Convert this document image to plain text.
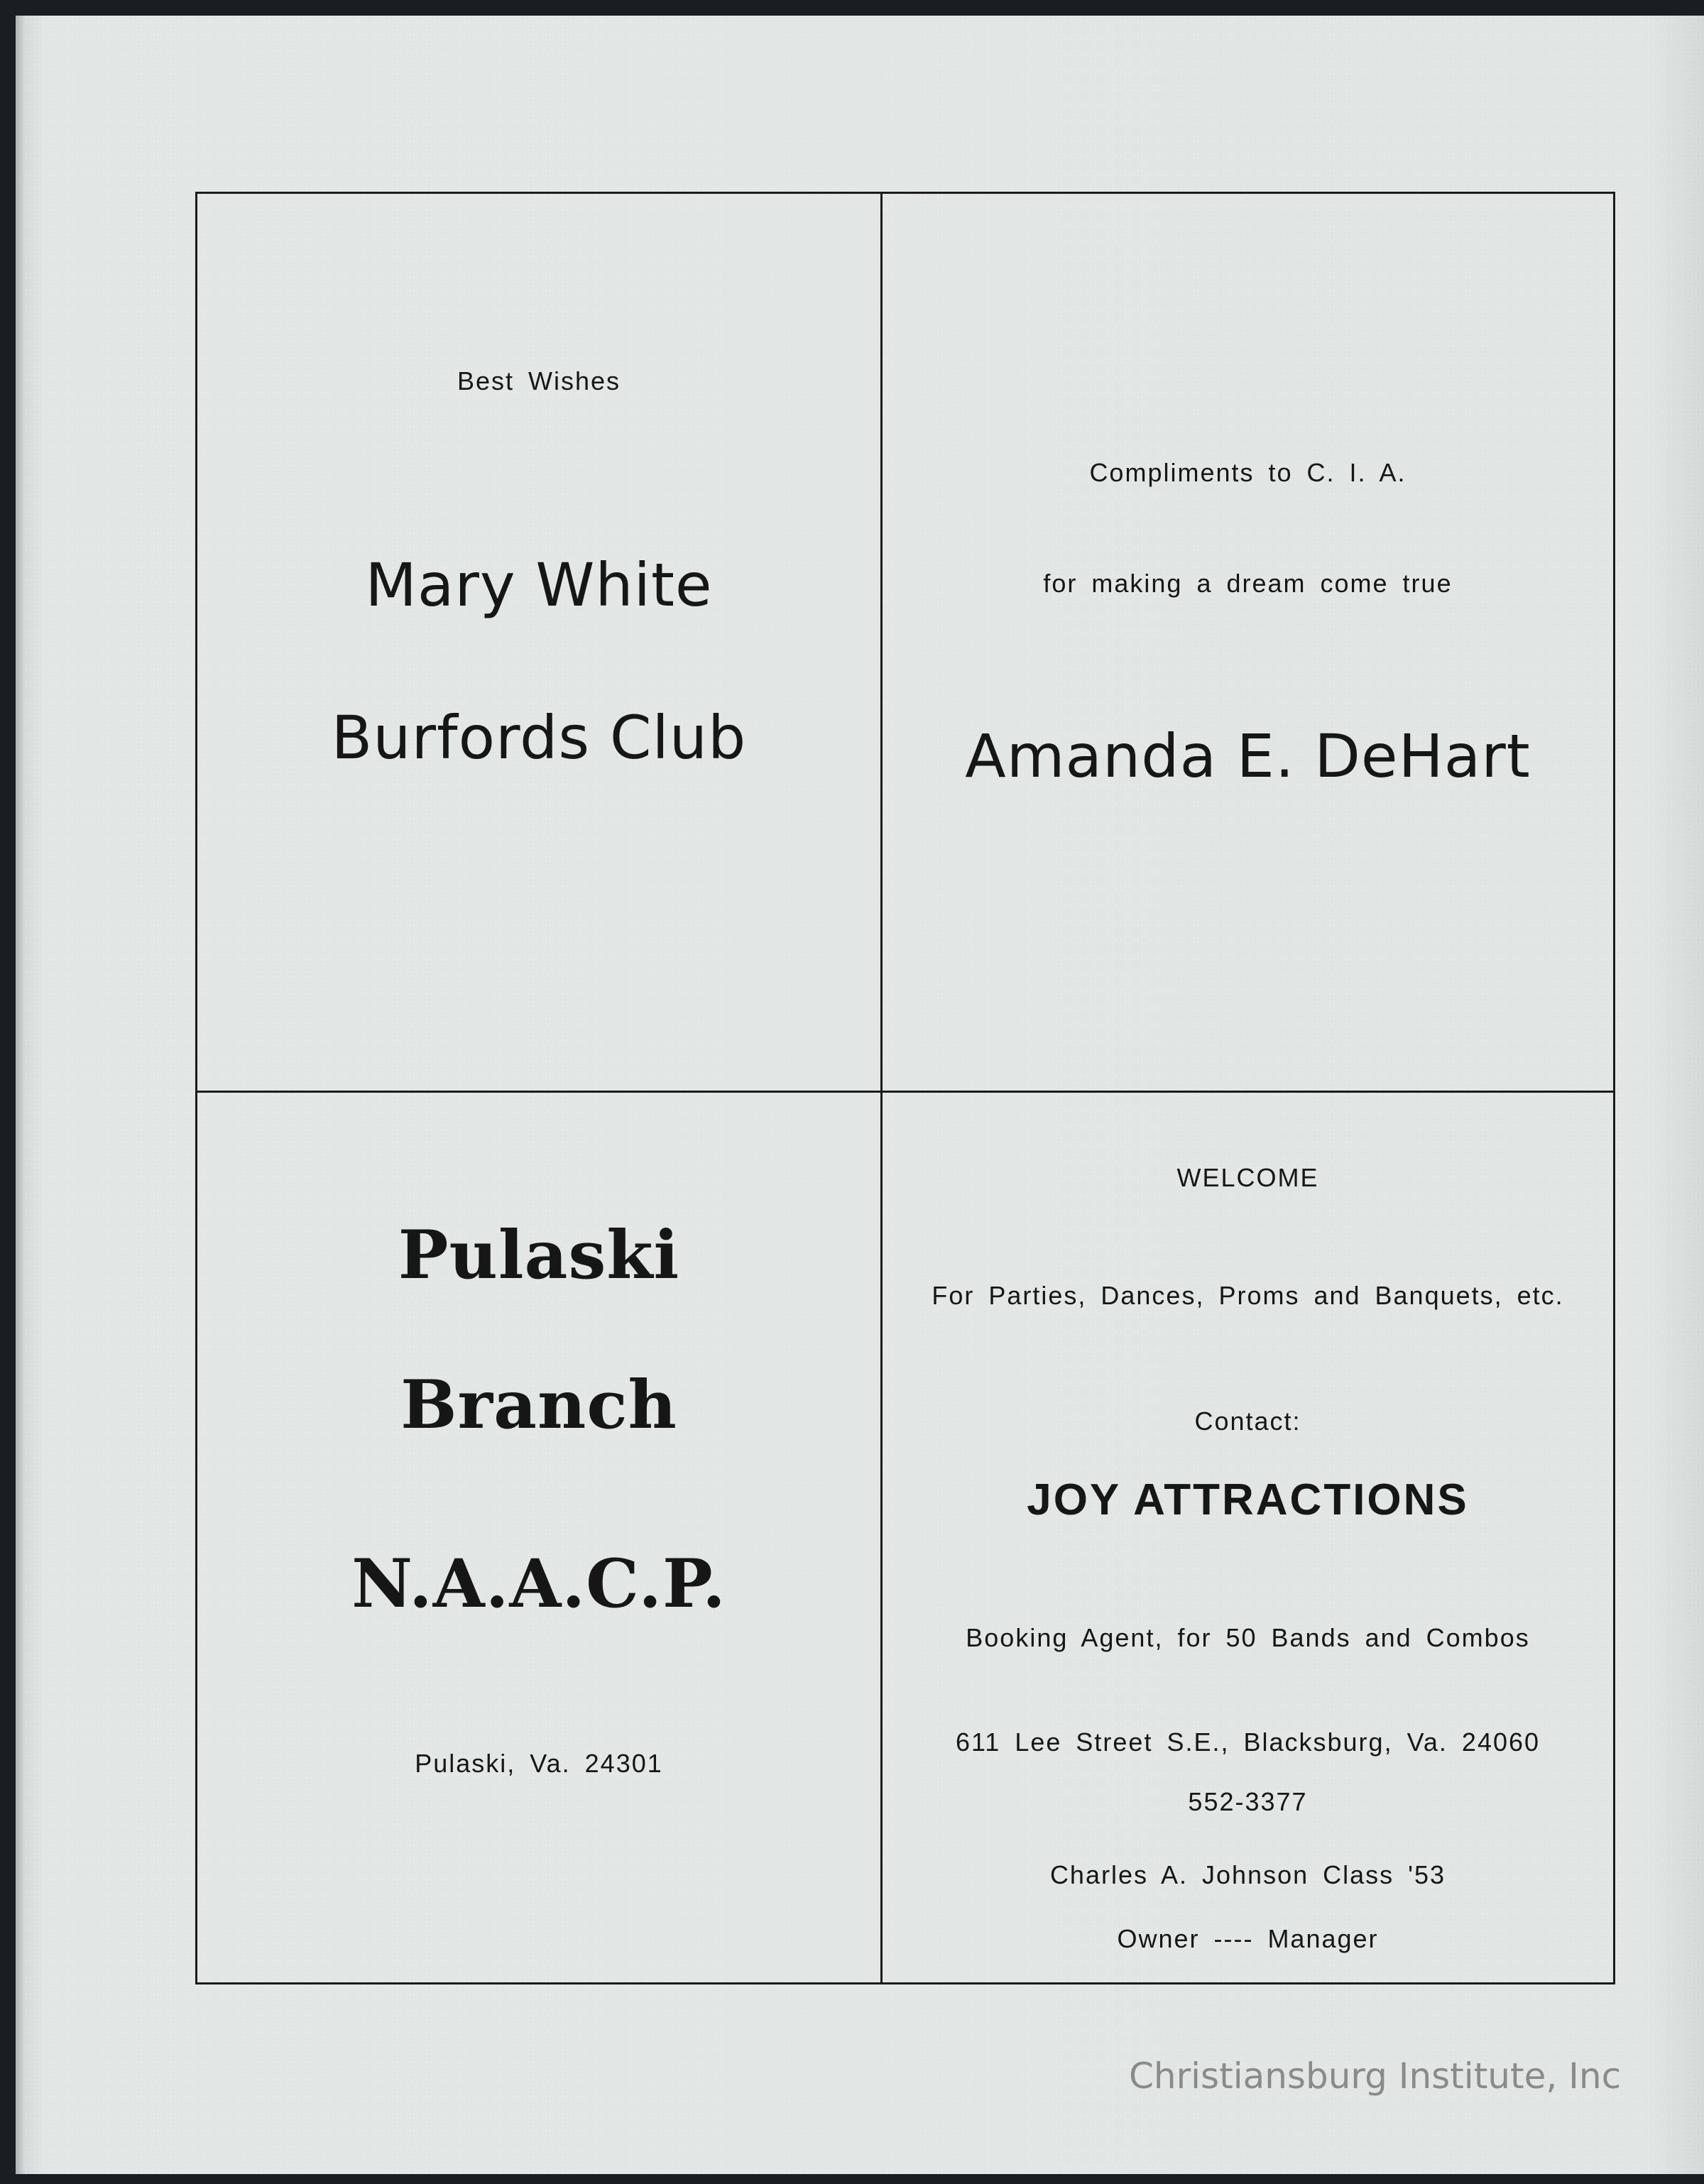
Best Wishes
Mary White
Burfords Club
Compliments to C. I. A.
for making a dream come true
Amanda E. DeHart
Pulaski
Branch
N.A.A.C.P.
Pulaski, Va. 24301
WELCOME
For Parties, Dances, Proms and Banquets, etc.
Contact:
JOY ATTRACTIONS
Booking Agent, for 50 Bands and Combos
611 Lee Street S.E., Blacksburg, Va. 24060
552-3377
Charles A. Johnson Class '53
Owner ---- Manager
Christiansburg Institute, Inc
